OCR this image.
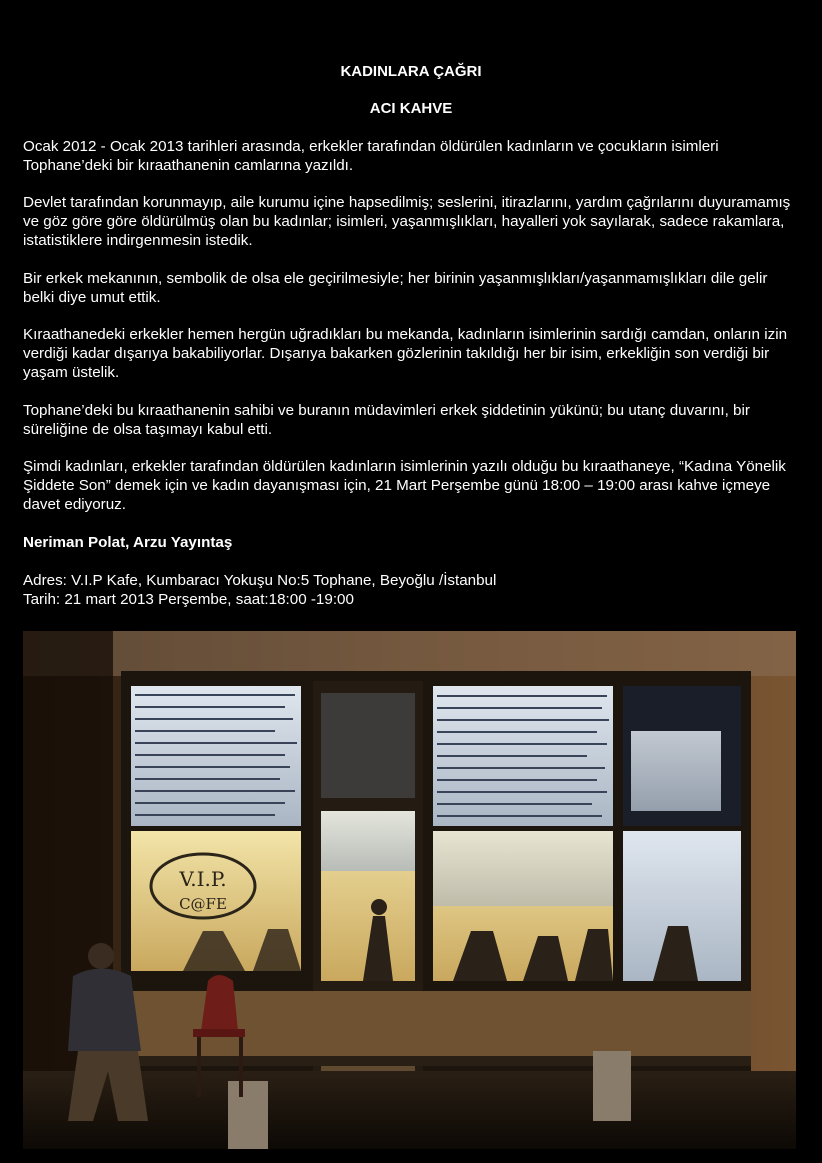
KADINLARA ÇAĞRI
ACI KAHVE

Ocak 2012 - Ocak 2013 tarihleri arasında, erkekler tarafından öldürülen kadınların ve çocukların isimleri Tophane’deki bir kıraathanenin camlarına yazıldı.

Devlet tarafından korunmayıp, aile kurumu içine hapsedilmiş; seslerini, itirazlarını, yardım çağrılarını duyuramamış ve göz göre göre öldürülmüş olan bu kadınlar; isimleri, yaşanmışlıkları, hayalleri yok sayılarak, sadece rakamlara, istatistiklere indirgenmesin istedik.

Bir erkek mekanının, sembolik de olsa ele geçirilmesiyle; her birinin yaşanmışlıkları/yaşanmamışlıkları dile gelir belki diye umut ettik.

Kıraathanedeki erkekler hemen hergün uğradıkları bu mekanda, kadınların isimlerinin sardığı camdan, onların izin verdiği kadar dışarıya bakabiliyorlar. Dışarıya bakarken gözlerinin takıldığı her bir isim, erkekliğin son verdiği bir yaşam üstelik.

Tophane’deki bu kıraathanenin sahibi ve buranın müdavimleri erkek şiddetinin yükünü; bu utanç duvarını, bir süreliğine de olsa taşımayı kabul etti.

Şimdi kadınları, erkekler tarafından öldürülen kadınların isimlerinin yazılı olduğu bu kıraathaneye, “Kadına Yönelik Şiddete Son” demek için ve kadın dayanışması için, 21 Mart Perşembe günü 18:00 – 19:00 arası kahve içmeye davet ediyoruz.

Neriman Polat, Arzu Yayıntaş

Adres: V.I.P Kafe, Kumbaracı Yokuşu No:5 Tophane, Beyoğlu /İstanbul

Tarih: 21 mart 2013 Perşembe, saat:18:00 -19:00

V.I.P.
C@FE
